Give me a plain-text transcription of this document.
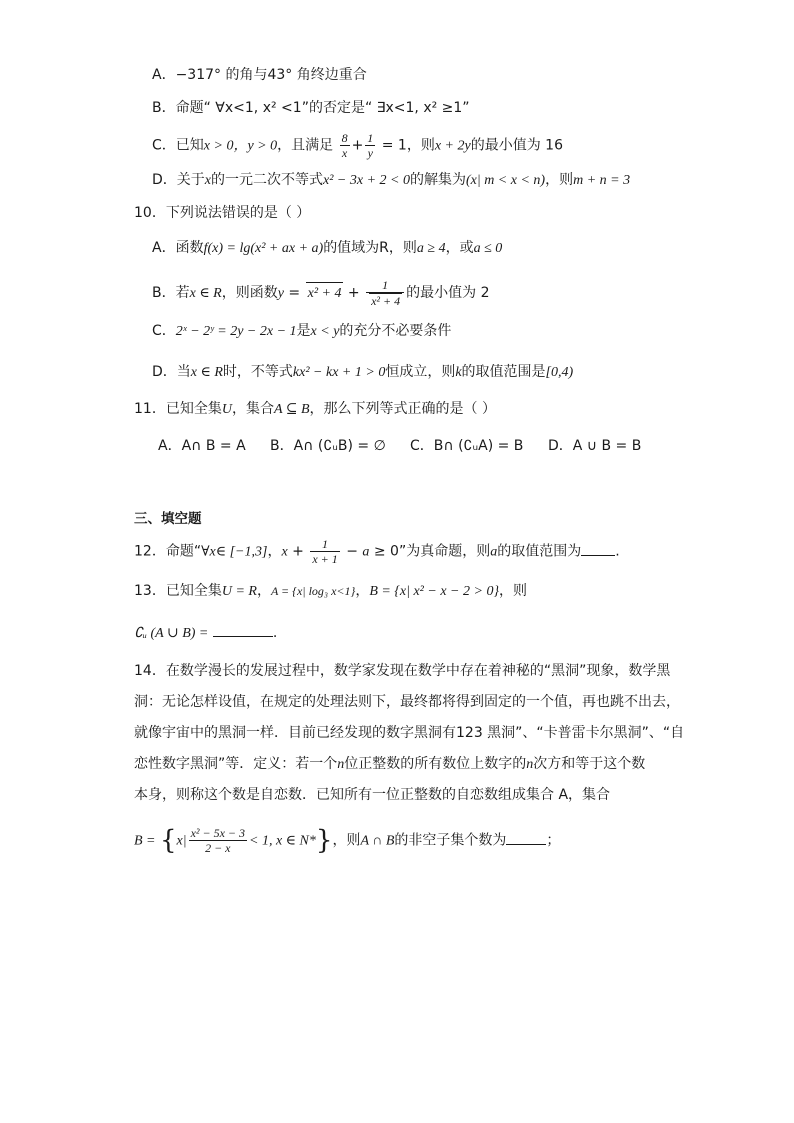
A．−317° 的角与43° 角终边重合
B．命题“ ∀x<1, x² <1”的否定是“ ∃x<1, x² ≥1”
C．已知x > 0，y > 0，且满足 $\frac{8}{x} + \frac{1}{y} = 1$，则x + 2y的最小值为 16
D．关于x的一元二次不等式x² − 3x + 2 < 0的解集为(x| m < x < n)，则m + n = 3
10．下列说法错误的是（ ）
A．函数f(x) = lg(x² + ax + a)的值域为R，则a ≥ 4，或a ≤ 0
B．若x ∈ R，则函数$y = x^2 + 4 + \frac{1}{\text{x² + 4}}$ 的最小值为 2
C．2ˣ − 2ʸ = 2y − 2x − 1是x < y的充分不必要条件
D．当x ∈ R时，不等式kx² − kx + 1 > 0恒成立，则k的取值范围是[0,4)
11．已知全集U，集合A ⊆ B，那么下列等式正确的是（ ）
A．A∩ B = A B．A∩ (∁ᵤB) = ∅ C．B∩ (∁ᵤA) = B D．A ∪ B = B
三、填空题
12．命题“∀x∈ [−1,3]，$x + \frac{1}{x + 1} - a \ge 0$”为真命题，则a的取值范围为 .
13．已知全集U = R，A = {x| log₃ x<1}，B = {x| x² − x − 2 > 0}，则
∁ᵤ (A ∪ B) =	.
14．在数学漫长的发展过程中，数学家发现在数学中存在着神秘的“黑洞”现象，数学黑
洞：无论怎样设值，在规定的处理法则下，最终都将得到固定的一个值，再也跳不出去，
就像宇宙中的黑洞一样．目前已经发现的数字黑洞有123 黑洞”、“卡普雷卡尔黑洞”、“自
恋性数字黑洞”等．定义：若一个n位正整数的所有数位上数字的n次方和等于这个数
本身，则称这个数是自恋数．已知所有一位正整数的自恋数组成集合 A，集合
$B = \{x| \frac{\text{x² − 5x − 3}}{2 - x} < 1$, x ∈ N*}，则A ∩ B的非空子集个数为	；
